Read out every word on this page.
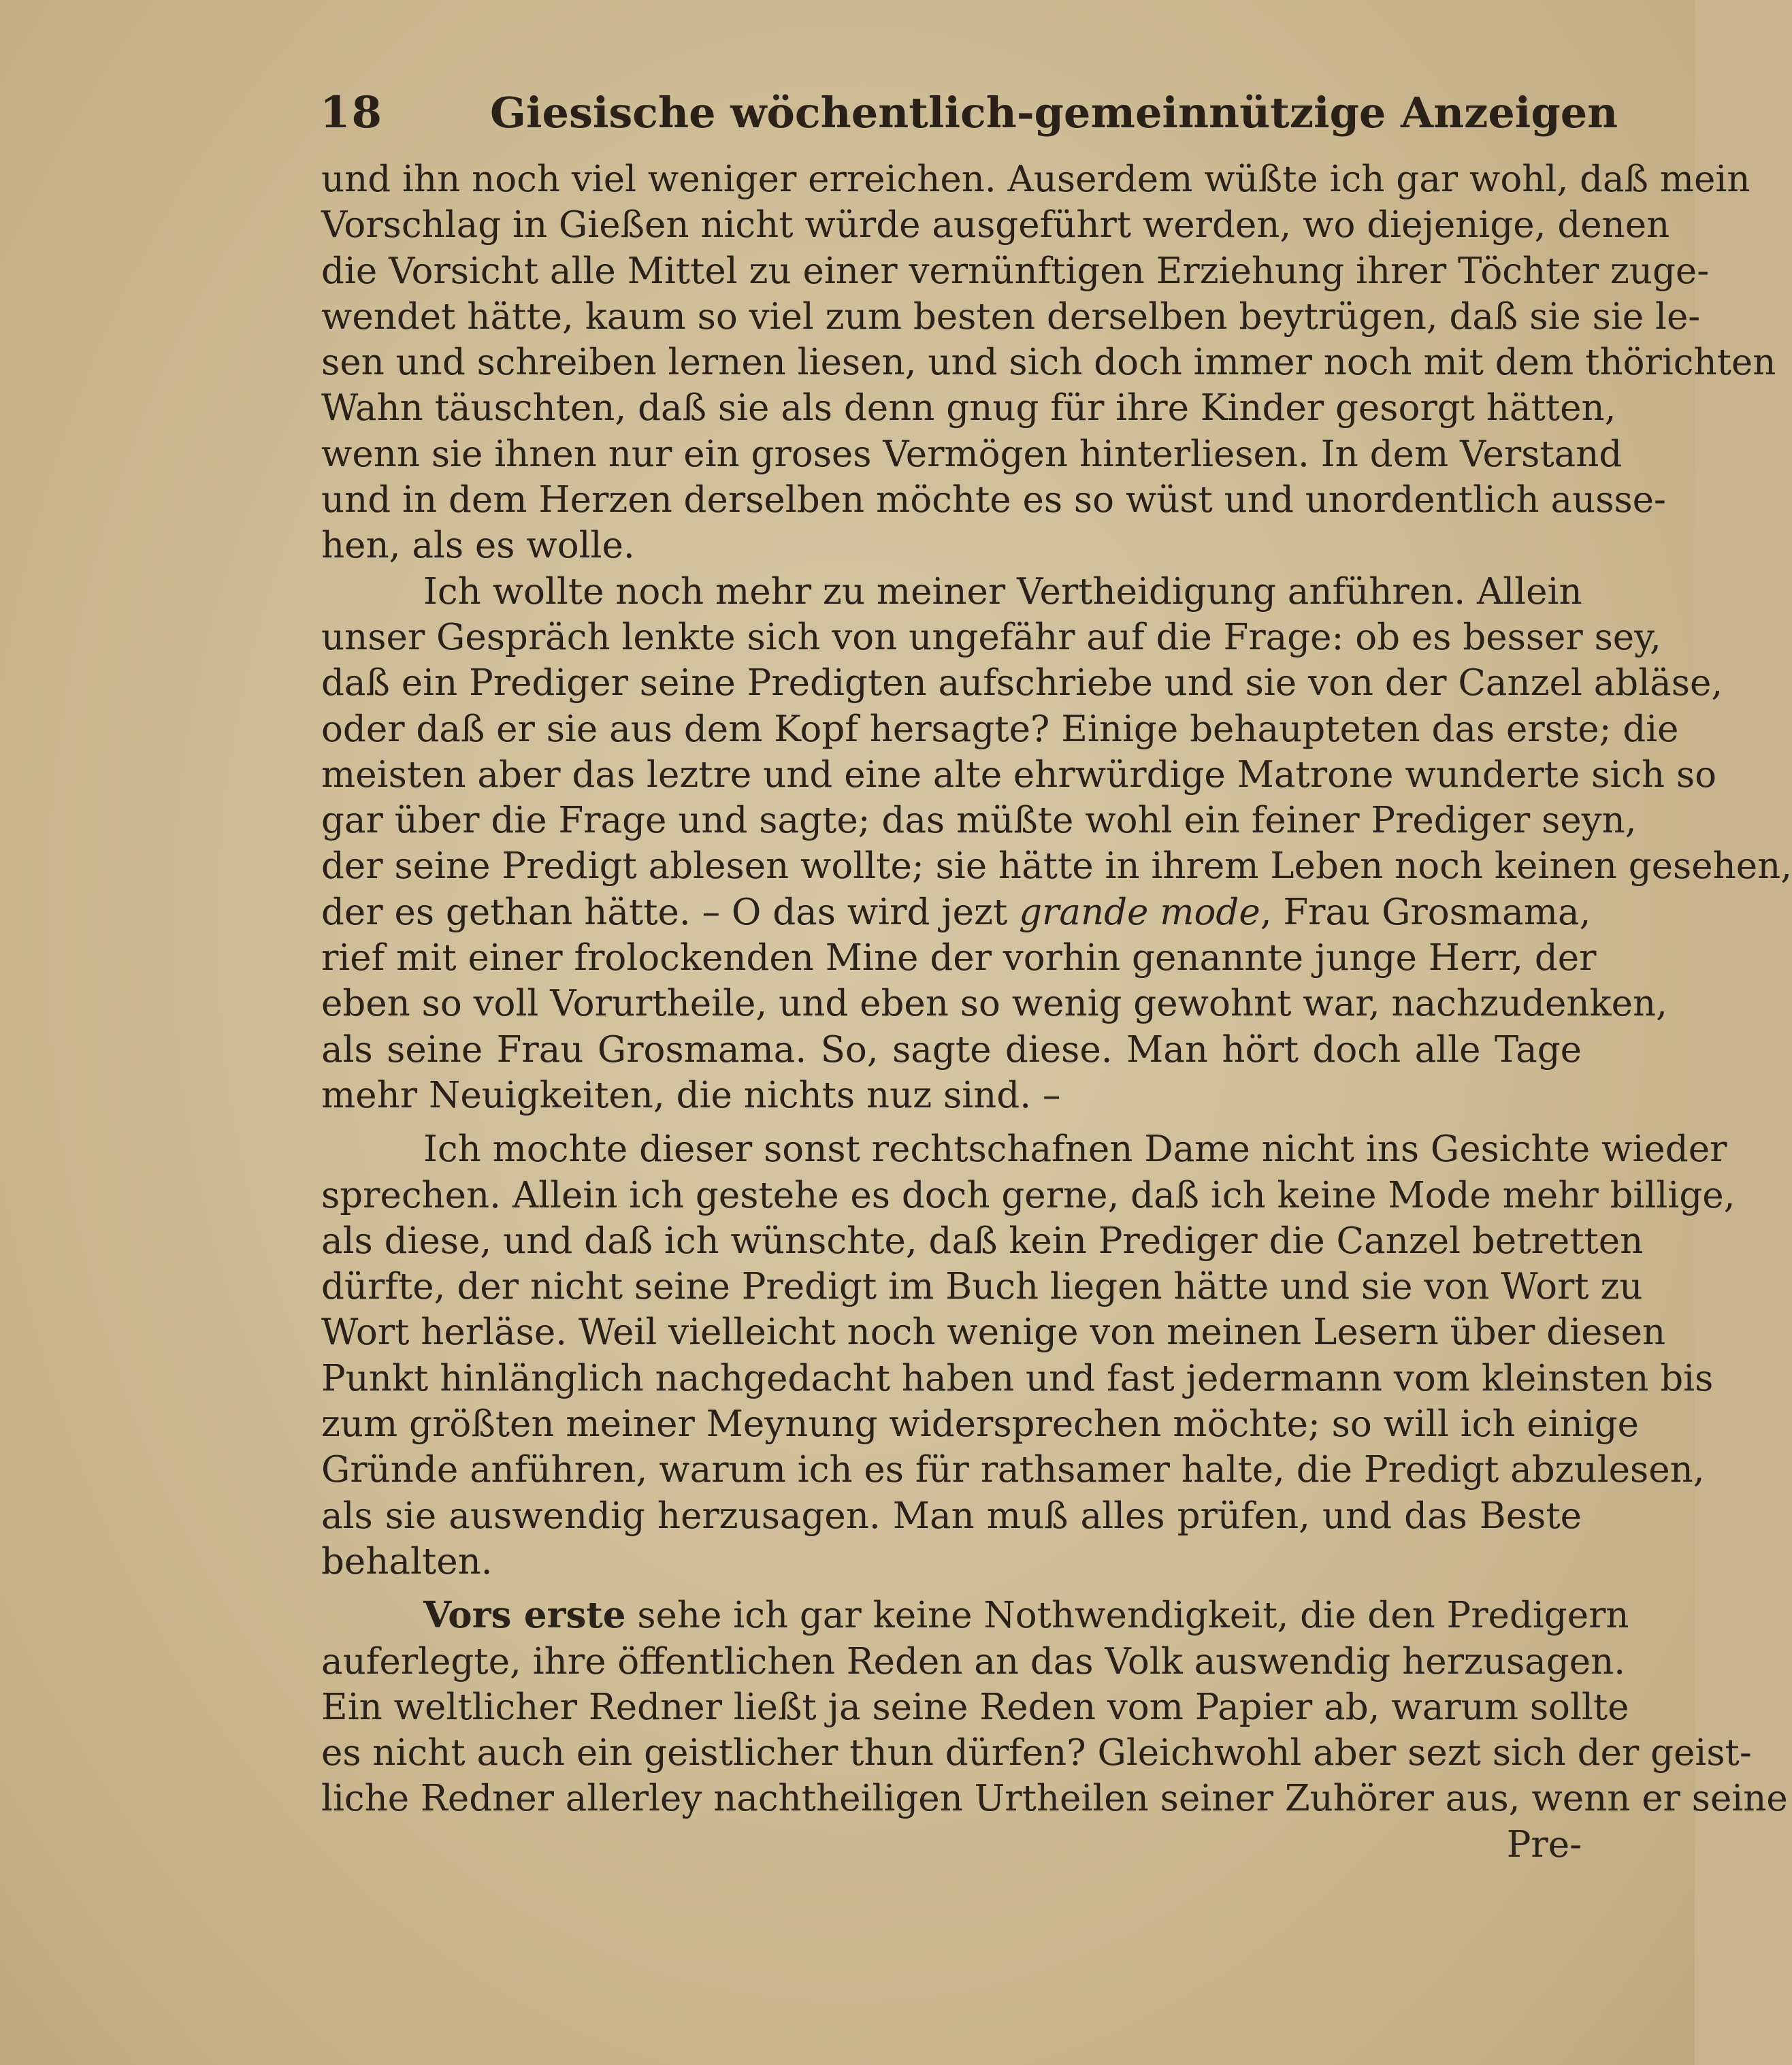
18	Giesische wöchentlich-gemeinnützige Anzeigen
und ihn noch viel weniger erreichen. Auserdem wüßte ich gar wohl, daß mein
Vorschlag in Gießen nicht würde ausgeführt werden, wo diejenige, denen
die Vorsicht alle Mittel zu einer vernünftigen Erziehung ihrer Töchter zuge-
wendet hätte, kaum so viel zum besten derselben beytrügen, daß sie sie le-
sen und schreiben lernen liesen, und sich doch immer noch mit dem thörichten
Wahn täuschten, daß sie als denn gnug für ihre Kinder gesorgt hätten,
wenn sie ihnen nur ein groses Vermögen hinterliesen. In dem Verstand
und in dem Herzen derselben möchte es so wüst und unordentlich ausse-
hen, als es wolle.
Ich wollte noch mehr zu meiner Vertheidigung anführen. Allein
unser Gespräch lenkte sich von ungefähr auf die Frage: ob es besser sey,
daß ein Prediger seine Predigten aufschriebe und sie von der Canzel abläse,
oder daß er sie aus dem Kopf hersagte? Einige behaupteten das erste; die
meisten aber das leztre und eine alte ehrwürdige Matrone wunderte sich so
gar über die Frage und sagte; das müßte wohl ein feiner Prediger seyn,
der seine Predigt ablesen wollte; sie hätte in ihrem Leben noch keinen gesehen,
der es gethan hätte. – O das wird jezt grande mode, Frau Grosmama,
rief mit einer frolockenden Mine der vorhin genannte junge Herr, der
eben so voll Vorurtheile, und eben so wenig gewohnt war, nachzudenken,
als seine Frau Grosmama. So, sagte diese. Man hört doch alle Tage
mehr Neuigkeiten, die nichts nuz sind. –
Ich mochte dieser sonst rechtschafnen Dame nicht ins Gesichte wieder
sprechen. Allein ich gestehe es doch gerne, daß ich keine Mode mehr billige,
als diese, und daß ich wünschte, daß kein Prediger die Canzel betretten
dürfte, der nicht seine Predigt im Buch liegen hätte und sie von Wort zu
Wort herläse. Weil vielleicht noch wenige von meinen Lesern über diesen
Punkt hinlänglich nachgedacht haben und fast jedermann vom kleinsten bis
zum größten meiner Meynung widersprechen möchte; so will ich einige
Gründe anführen, warum ich es für rathsamer halte, die Predigt abzulesen,
als sie auswendig herzusagen. Man muß alles prüfen, und das Beste
behalten.
Vors erste sehe ich gar keine Nothwendigkeit, die den Predigern
auferlegte, ihre öffentlichen Reden an das Volk auswendig herzusagen.
Ein weltlicher Redner ließt ja seine Reden vom Papier ab, warum sollte
es nicht auch ein geistlicher thun dürfen? Gleichwohl aber sezt sich der geist-
liche Redner allerley nachtheiligen Urtheilen seiner Zuhörer aus, wenn er seine
Pre-
